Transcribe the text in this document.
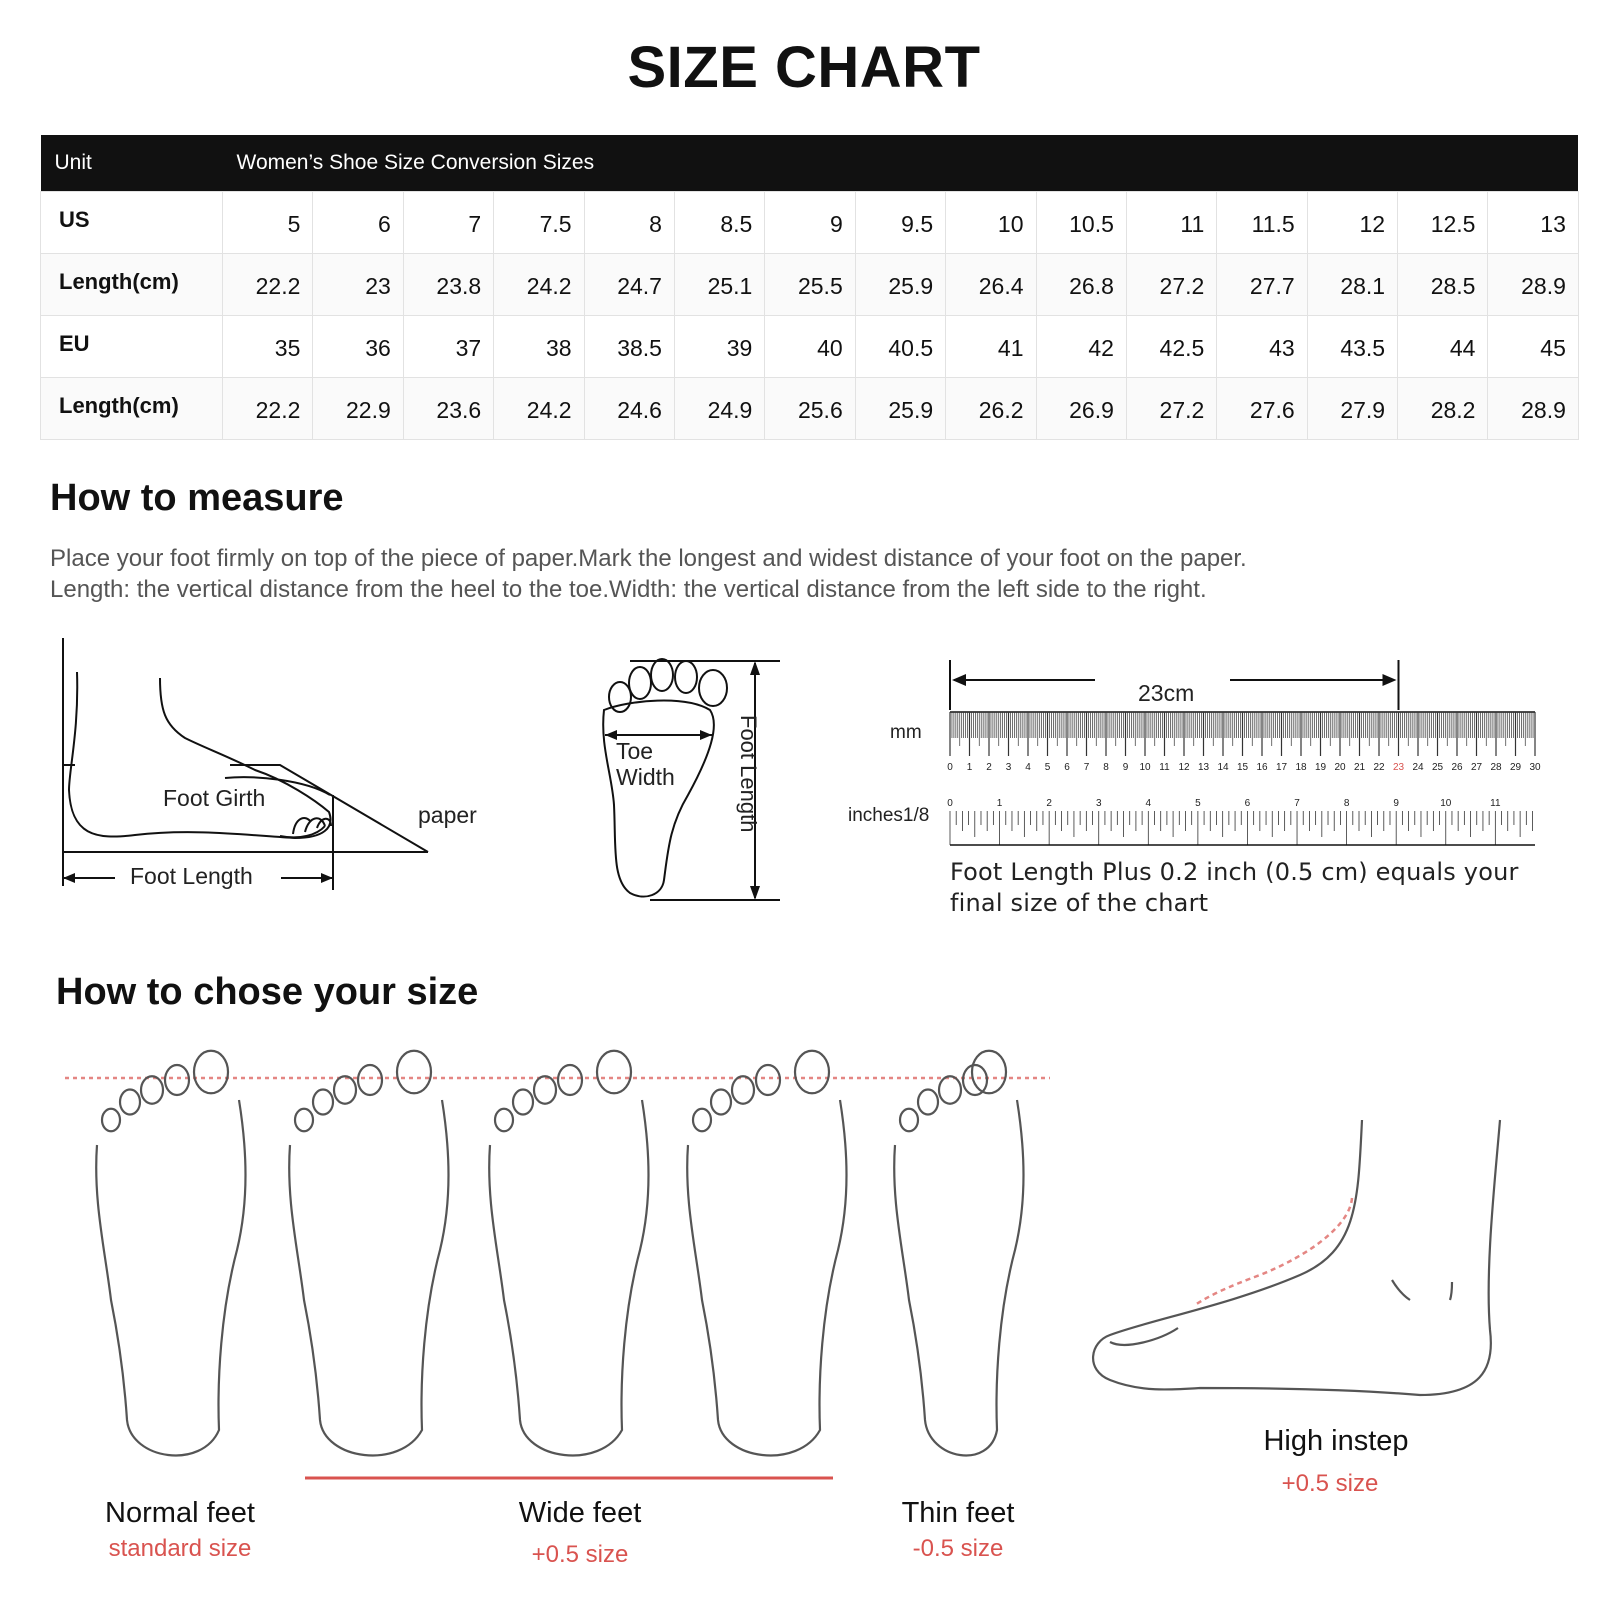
SIZE CHART
Unit	Women’s Shoe Size Conversion Sizes														
US	5	6	7	7.5	8	8.5	9	9.5	10	10.5	11	11.5	12	12.5	13
Length(cm)	22.2	23	23.8	24.2	24.7	25.1	25.5	25.9	26.4	26.8	27.2	27.7	28.1	28.5	28.9
EU	35	36	37	38	38.5	39	40	40.5	41	42	42.5	43	43.5	44	45
Length(cm)	22.2	22.9	23.6	24.2	24.6	24.9	25.6	25.9	26.2	26.9	27.2	27.6	27.9	28.2	28.9
How to measure
Place your foot firmly on top of the piece of paper.Mark the longest and widest distance of your foot on the paper.
Length: the vertical distance from the heel to the toe.Width: the vertical distance from the left side to the right.
Foot Girth
paper
Foot Length
Toe
Width	Foot Length	0 1 2 3 4 5 6 7 8 9 10 11 12 13 14 15 16 17 18 19 20 21 22 23 24 25 26 27 28 29 30
0	1	2	3	4	5	6	7	8	9	10	11
23cm
mm
inches1/8
Foot Length Plus 0.2 inch (0.5 cm) equals your final size of the chart
How to chose your size
Normal feet
standard size
Wide feet
+0.5 size
Thin feet
-0.5 size
High instep
+0.5 size
